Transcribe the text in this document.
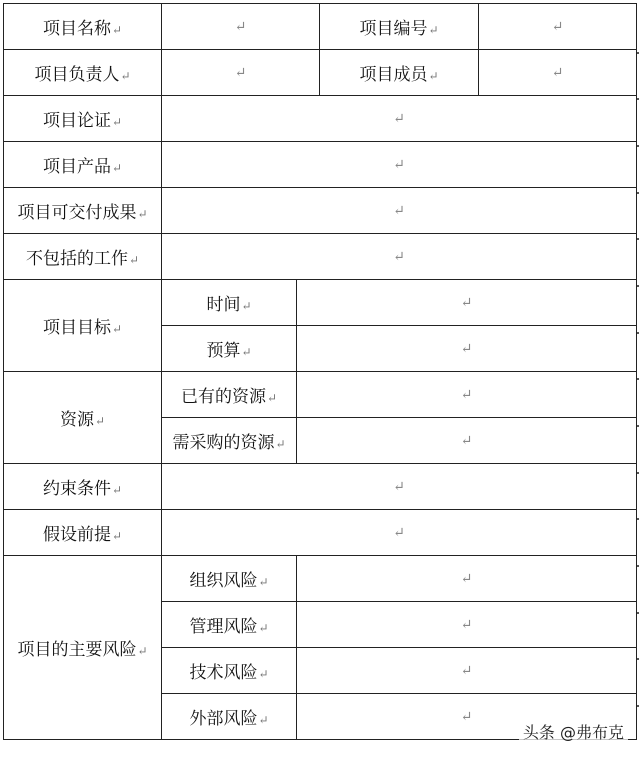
项目名称↵	↵		项目编号↵	↵
项目负责人↵	↵		项目成员↵	↵
项目论证↵	↵			
项目产品↵	↵			
项目可交付成果↵	↵			
不包括的工作↵	↵			
项目目标↵	时间↵	↵		
	预算↵	↵		
资源↵	已有的资源↵	↵		
	需采购的资源↵	↵		
约束条件↵	↵			
假设前提↵	↵			
项目的主要风险↵	组织风险↵	↵		
	管理风险↵	↵		
	技术风险↵	↵		
	外部风险↵	↵		
头条 @弗布克
